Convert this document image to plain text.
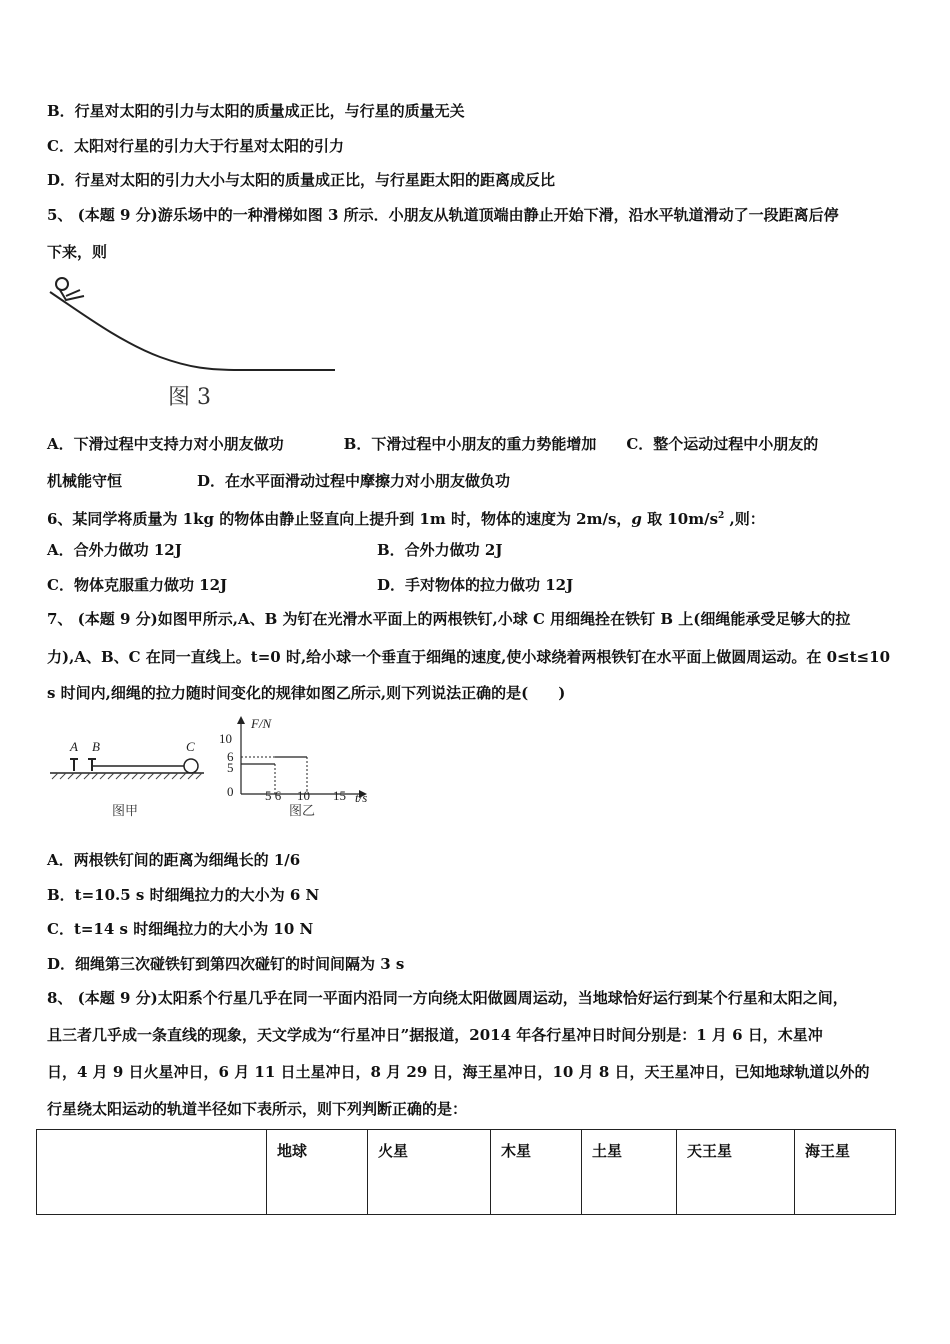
B．行星对太阳的引力与太阳的质量成正比，与行星的质量无关
C．太阳对行星的引力大于行星对太阳的引力
D．行星对太阳的引力大小与太阳的质量成正比，与行星距太阳的距离成反比
5、 (本题 9 分)游乐场中的一种滑梯如图 3 所示．小朋友从轨道顶端由静止开始下滑，沿水平轨道滑动了一段距离后停
下来，则
图 3
A．下滑过程中支持力对小朋友做功　　　　B．下滑过程中小朋友的重力势能增加　　C．整个运动过程中小朋友的
机械能守恒　　　　　D．在水平面滑动过程中摩擦力对小朋友做负功
6、某同学将质量为 1kg 的物体由静止竖直向上提升到 1m 时，物体的速度为 2m/s，g 取 $10m/s^2$ ,则：
A．合外力做功 12J	B．合外力做功 2J
C．物体克服重力做功 12J	D．手对物体的拉力做功 12J
7、 (本题 9 分)如图甲所示,A、B 为钉在光滑水平面上的两根铁钉,小球 C 用细绳拴在铁钉 B 上(细绳能承受足够大的拉
力),A、B、C 在同一直线上。t=0 时,给小球一个垂直于细绳的速度,使小球绕着两根铁钉在水平面上做圆周运动。在 0≤t≤10
s 时间内,细绳的拉力随时间变化的规律如图乙所示,则下列说法正确的是(　　)
A B	C
图甲
F/N
t/s
10
6
5
0 5 6 10 15
图乙
A．两根铁钉间的距离为细绳长的 1/6
B．t=10.5 s 时细绳拉力的大小为 6 N
C．t=14 s 时细绳拉力的大小为 10 N
D．细绳第三次碰铁钉到第四次碰钉的时间间隔为 3 s
8、 (本题 9 分)太阳系个行星几乎在同一平面内沿同一方向绕太阳做圆周运动，当地球恰好运行到某个行星和太阳之间，
且三者几乎成一条直线的现象，天文学成为“行星冲日”据报道，2014 年各行星冲日时间分别是：1 月 6 日，木星冲
日，4 月 9 日火星冲日，6 月 11 日土星冲日，8 月 29 日，海王星冲日，10 月 8 日，天王星冲日，已知地球轨道以外的
行星绕太阳运动的轨道半径如下表所示，则下列判断正确的是：
	地球	火星	木星	土星	天王星	海王星
